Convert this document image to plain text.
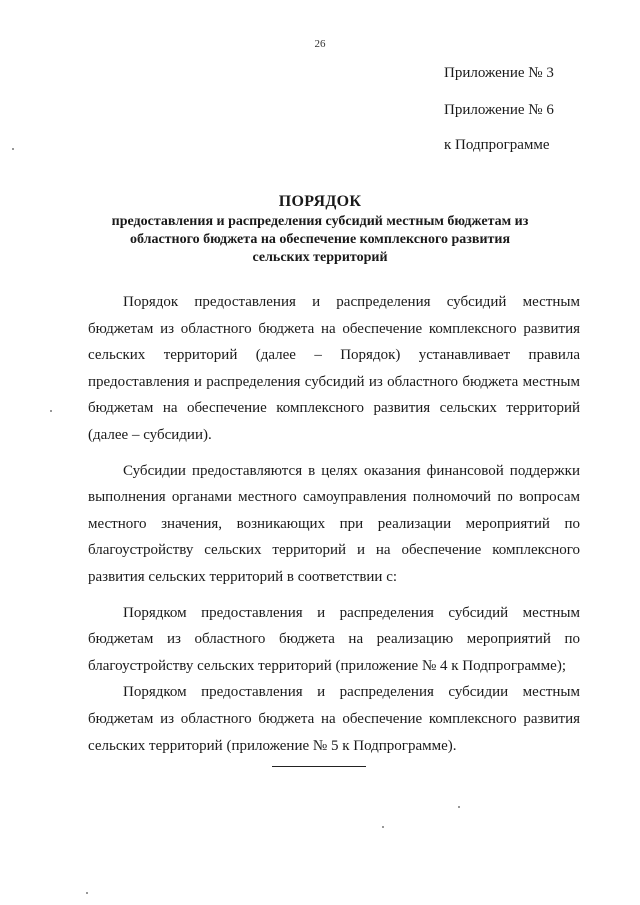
26
Приложение № 3
Приложение № 6
к Подпрограмме
ПОРЯДОК
предоставления и распределения субсидий местным бюджетам из областного бюджета на обеспечение комплексного развития сельских территорий

Порядок предоставления и распределения субсидий местным бюджетам из областного бюджета на обеспечение комплексного развития сельских территорий (далее – Порядок) устанавливает правила предоставления и распределения субсидий из областного бюджета местным бюджетам на обеспечение комплексного развития сельских территорий (далее – субсидии).

Субсидии предоставляются в целях оказания финансовой поддержки выполнения органами местного самоуправления полномочий по вопросам местного значения, возникающих при реализации мероприятий по благоустройству сельских территорий и на обеспечение комплексного развития сельских территорий в соответствии с:

Порядком предоставления и распределения субсидий местным бюджетам из областного бюджета на реализацию мероприятий по благоустройству сельских территорий (приложение № 4 к Подпрограмме);

Порядком предоставления и распределения субсидии местным бюджетам из областного бюджета на обеспечение комплексного развития сельских территорий (приложение № 5 к Подпрограмме).
